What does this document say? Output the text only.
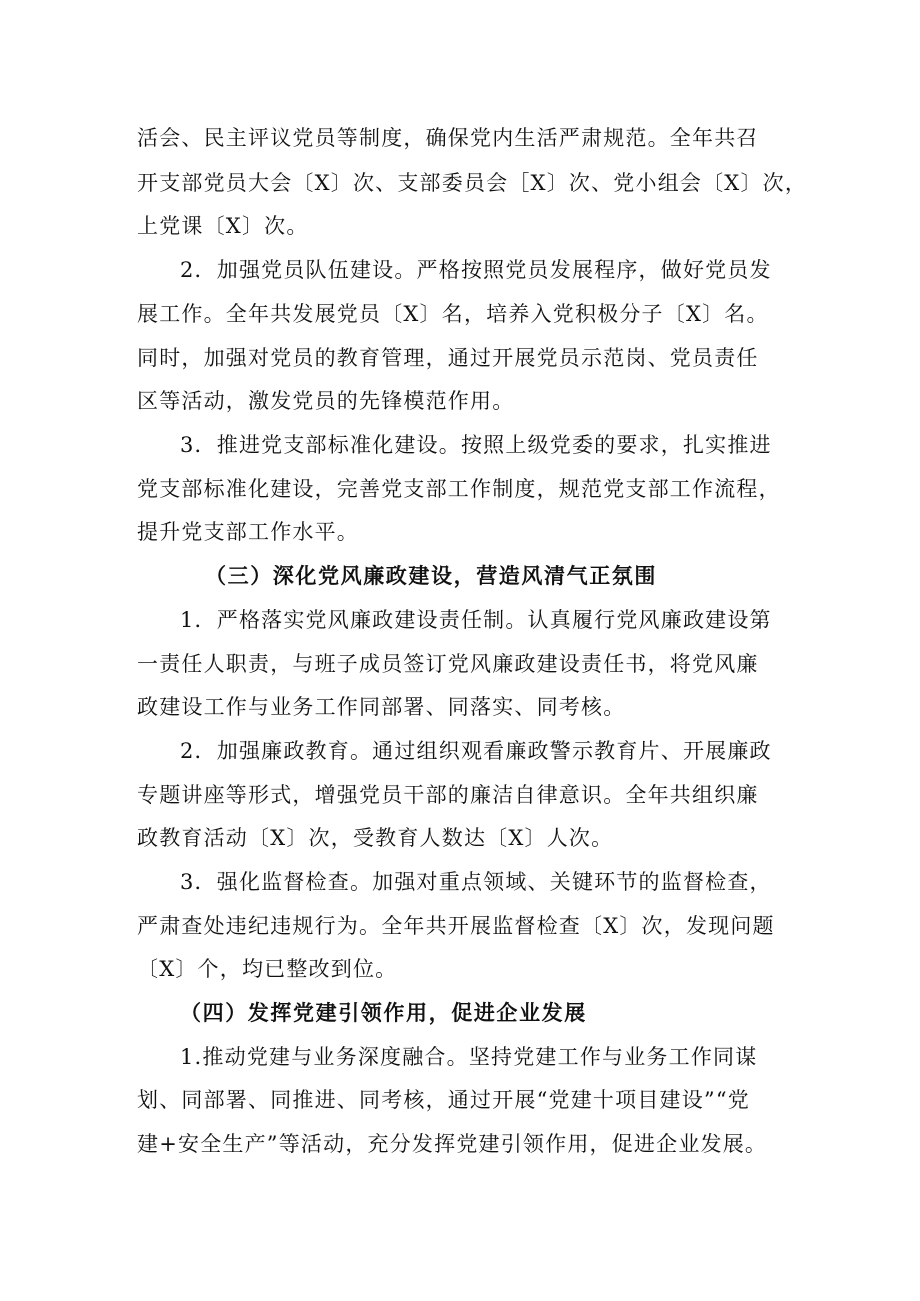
活会、民主评议党员等制度，确保党内生活严肃规范。全年共召
开支部党员大会〔X〕次、支部委员会［X〕次、党小组会〔X〕次，
上党课〔X〕次。
2．加强党员队伍建设。严格按照党员发展程序，做好党员发
展工作。全年共发展党员〔X〕名，培养入党积极分子〔X〕名。
同时，加强对党员的教育管理，通过开展党员示范岗、党员责任
区等活动，激发党员的先锋模范作用。
3．推进党支部标准化建设。按照上级党委的要求，扎实推进
党支部标准化建设，完善党支部工作制度，规范党支部工作流程，
提升党支部工作水平。
（三）深化党风廉政建设，营造风清气正氛围
1．严格落实党风廉政建设责任制。认真履行党风廉政建设第
一责任人职责，与班子成员签订党风廉政建设责任书，将党风廉
政建设工作与业务工作同部署、同落实、同考核。
2．加强廉政教育。通过组织观看廉政警示教育片、开展廉政
专题讲座等形式，增强党员干部的廉洁自律意识。全年共组织廉
政教育活动〔X〕次，受教育人数达〔X〕人次。
3．强化监督检查。加强对重点领域、关键环节的监督检查，
严肃查处违纪违规行为。全年共开展监督检查〔X〕次，发现问题
〔X〕个，均已整改到位。
（四）发挥党建引领作用，促进企业发展
1.推动党建与业务深度融合。坚持党建工作与业务工作同谋
划、同部署、同推进、同考核，通过开展“党建十项目建设”“党
建+安全生产”等活动，充分发挥党建引领作用，促进企业发展。
